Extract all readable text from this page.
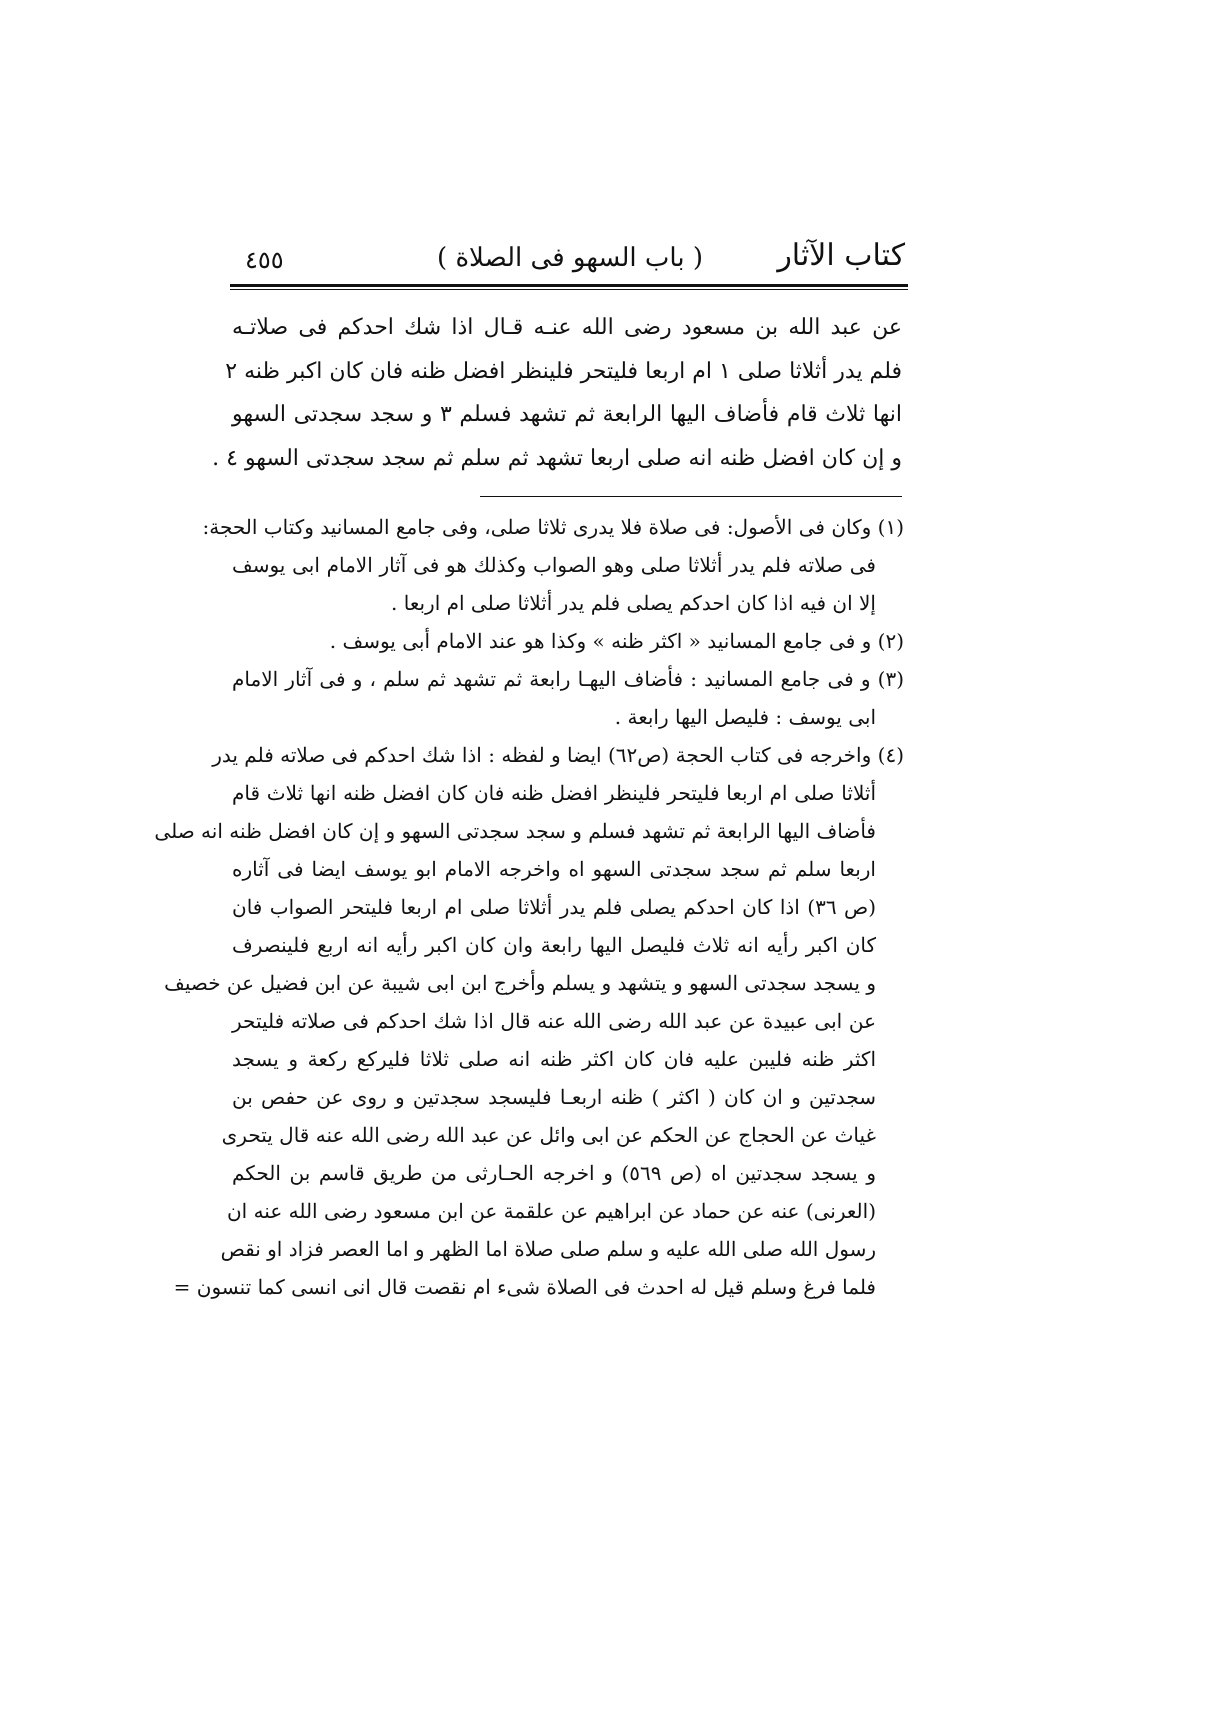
كتاب الآثار
( باب السهو فى الصلاة )
٤٥٥

عن عبد الله بن مسعود رضى الله عنـه قـال اذا شك احدكم فى صلاتـه

فلم يدر أثلاثا صلى ١ ام اربعا فليتحر فلينظر افضل ظنه فان كان اكبر ظنه ٢

انها ثلاث قام فأضاف اليها الرابعة ثم تشهد فسلم ٣ و سجد سجدتى السهو

و إن كان افضل ظنه انه صلى اربعا تشهد ثم سلم ثم سجد سجدتى السهو ٤ .

(١) وكان فى الأصول: فى صلاة فلا يدرى ثلاثا صلى، وفى جامع المسانيد وكتاب الحجة:

فى صلاته فلم يدر أثلاثا صلى وهو الصواب وكذلك هو فى آثار الامام ابى يوسف

إلا ان فيه اذا كان احدكم يصلى فلم يدر أثلاثا صلى ام اربعا .

(٢) و فى جامع المسانيد « اكثر ظنه » وكذا هو عند الامام أبى يوسف .

(٣) و فى جامع المسانيد : فأضاف اليهـا رابعة ثم تشهد ثم سلم ، و فى آثار الامام

ابى يوسف : فليصل اليها رابعة .

(٤) واخرجه فى كتاب الحجة (ص٦٢) ايضا و لفظه : اذا شك احدكم فى صلاته فلم يدر

أثلاثا صلى ام اربعا فليتحر فلينظر افضل ظنه فان كان افضل ظنه انها ثلاث قام

فأضاف اليها الرابعة ثم تشهد فسلم و سجد سجدتى السهو و إن كان افضل ظنه انه صلى

اربعا سلم ثم سجد سجدتى السهو اه واخرجه الامام ابو يوسف ايضا فى آثاره

(ص ٣٦) اذا كان احدكم يصلى فلم يدر أثلاثا صلى ام اربعا فليتحر الصواب فان

كان اكبر رأيه انه ثلاث فليصل اليها رابعة وان كان اكبر رأيه انه اربع فلينصرف

و يسجد سجدتى السهو و يتشهد و يسلم وأخرج ابن ابى شيبة عن ابن فضيل عن خصيف

عن ابى عبيدة عن عبد الله رضى الله عنه قال اذا شك احدكم فى صلاته فليتحر

اكثر ظنه فليبن عليه فان كان اكثر ظنه انه صلى ثلاثا فليركع ركعة و يسجد

سجدتين و ان كان ( اكثر ) ظنه اربعـا فليسجد سجدتين و روى عن حفص بن

غياث عن الحجاج عن الحكم عن ابى وائل عن عبد الله رضى الله عنه قال يتحرى

و يسجد سجدتين اه (ص ٥٦٩) و اخرجه الحـارثى من طريق قاسم بن الحكم

(العرنى) عنه عن حماد عن ابراهيم عن علقمة عن ابن مسعود رضى الله عنه ان

رسول الله صلى الله عليه و سلم صلى صلاة اما الظهر و اما العصر فزاد او نقص

فلما فرغ وسلم قيل له احدث فى الصلاة شىء ام نقصت قال انى انسى كما تنسون =
